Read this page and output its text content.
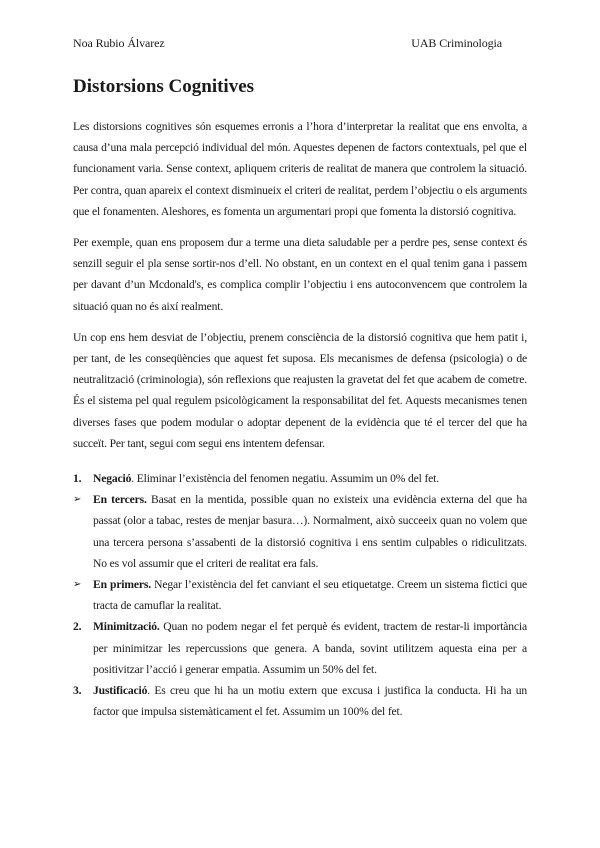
Noa Rubio Álvarez	UAB Criminologia
Distorsions Cognitives

Les distorsions cognitives són esquemes erronis a l’hora d’interpretar la realitat que ens envolta, a causa d’una mala percepció individual del món. Aquestes depenen de factors contextuals, pel que el funcionament varia. Sense context, apliquem criteris de realitat de manera que controlem la situació. Per contra, quan apareix el context disminueix el criteri de realitat, perdem l’objectiu o els arguments que el fonamenten. Aleshores, es fomenta un argumentari propi que fomenta la distorsió cognitiva.

Per exemple, quan ens proposem dur a terme una dieta saludable per a perdre pes, sense context és senzill seguir el pla sense sortir-nos d’ell. No obstant, en un context en el qual tenim gana i passem per davant d’un Mcdonald's, es complica complir l’objectiu i ens autoconvencem que controlem la situació quan no és així realment.

Un cop ens hem desviat de l’objectiu, prenem consciència de la distorsió cognitiva que hem patit i, per tant, de les conseqüències que aquest fet suposa. Els mecanismes de defensa (psicologia) o de neutralització (criminologia), són reflexions que reajusten la gravetat del fet que acabem de cometre. És el sistema pel qual regulem psicològicament la responsabilitat del fet. Aquests mecanismes tenen diverses fases que podem modular o adoptar depenent de la evidència que té el tercer del que ha succeït. Per tant, segui com segui ens intentem defensar.

1. Negació. Eliminar l’existència del fenomen negatiu. Assumim un 0% del fet.
➢	En tercers. Basat en la mentida, possible quan no existeix una evidència externa del que ha passat (olor a tabac, restes de menjar basura…). Normalment, això succeeix quan no volem que una tercera persona s’assabenti de la distorsió cognitiva i ens sentim culpables o ridiculitzats. No es vol assumir que el criteri de realitat era fals.
➢	En primers. Negar l’existència del fet canviant el seu etiquetatge. Creem un sistema fictici que tracta de camuflar la realitat.
2. Minimització. Quan no podem negar el fet perquè és evident, tractem de restar-li importància per minimitzar les repercussions que genera. A banda, sovint utilitzem aquesta eina per a positivitzar l’acció i generar empatia. Assumim un 50% del fet.
3. Justificació. Es creu que hi ha un motiu extern que excusa i justifica la conducta. Hi ha un factor que impulsa sistemàticament el fet. Assumim un 100% del fet.
